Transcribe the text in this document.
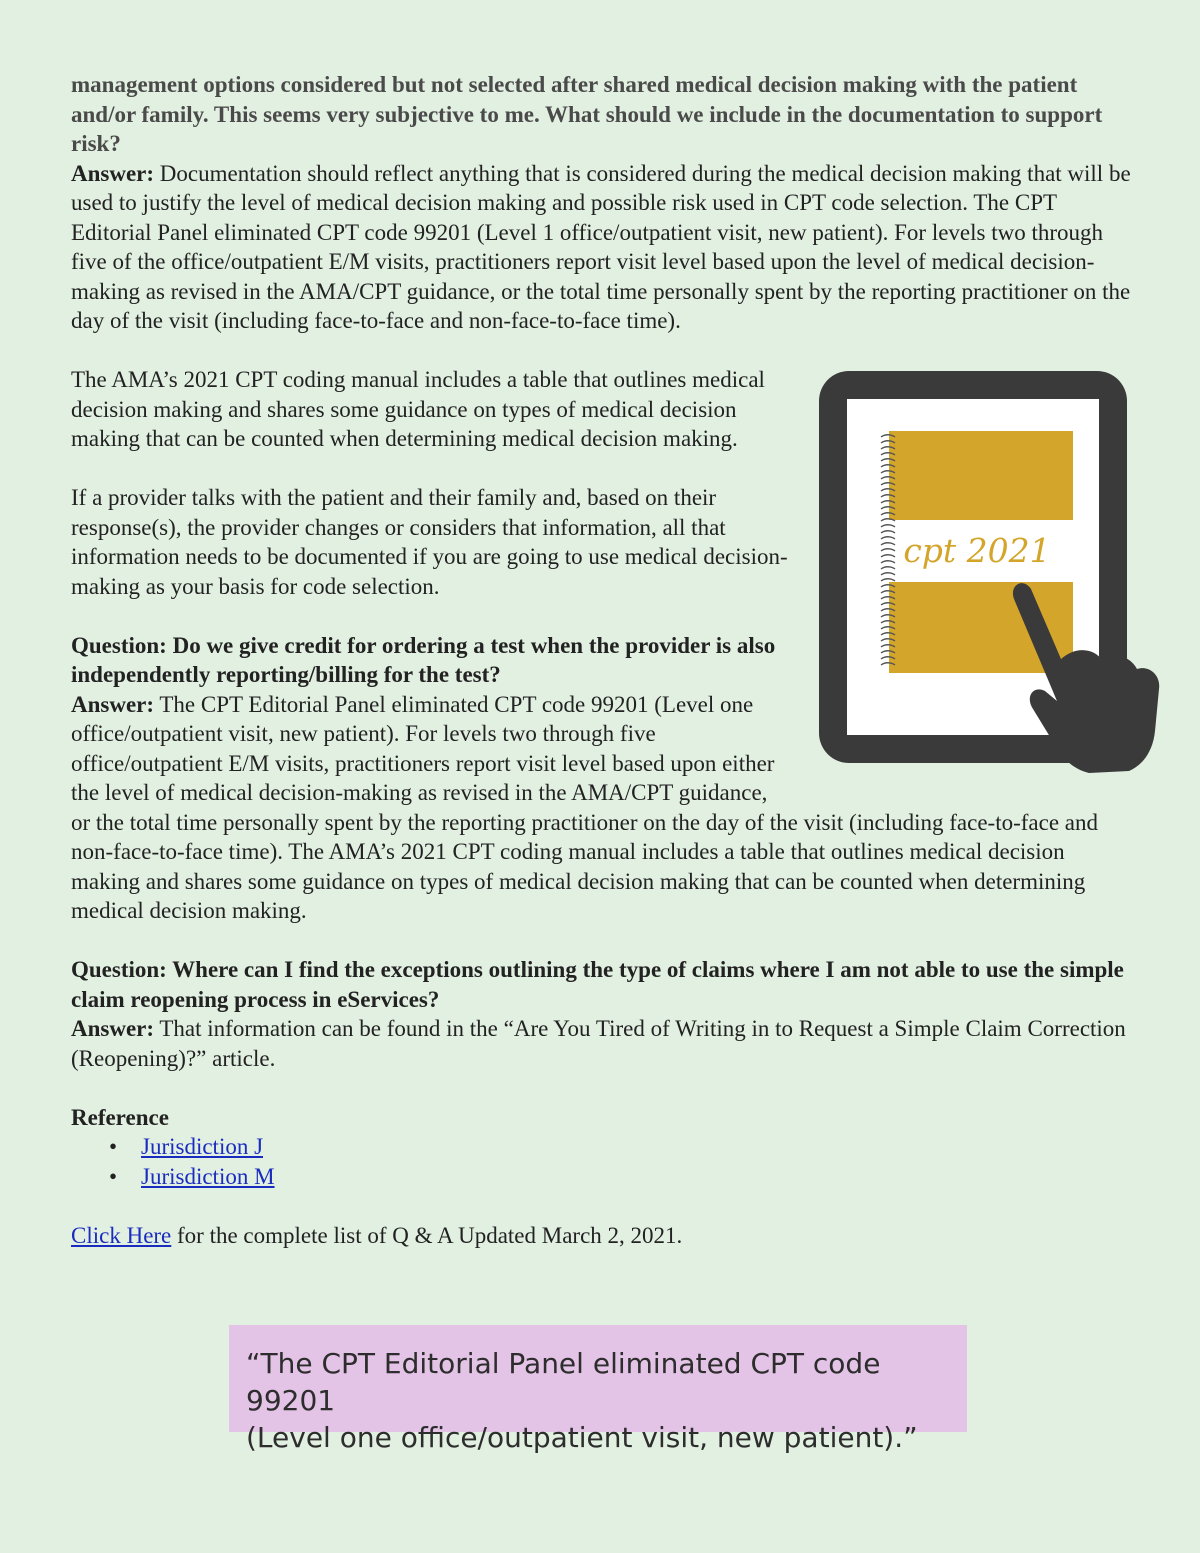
management options considered but not selected after shared medical decision making with the patient and/or family. This seems very subjective to me. What should we include in the documentation to support risk?

Answer: Documentation should reflect anything that is considered during the medical decision making that will be used to justify the level of medical decision making and possible risk used in CPT code selection. The CPT Editorial Panel eliminated CPT code 99201 (Level 1 office/outpatient visit, new patient). For levels two through five of the office/outpatient E/M visits, practitioners report visit level based upon the level of medical decision-making as revised in the AMA/CPT guidance, or the total time personally spent by the reporting practitioner on the day of the visit (including face-to-face and non-face-to-face time).

cpt 2021

The AMA’s 2021 CPT coding manual includes a table that outlines medical decision making and shares some guidance on types of medical decision making that can be counted when determining medical decision making.

If a provider talks with the patient and their family and, based on their response(s), the provider changes or considers that information, all that information needs to be documented if you are going to use medical decision-making as your basis for code selection.

Question: Do we give credit for ordering a test when the provider is also independently reporting/billing for the test?

Answer: The CPT Editorial Panel eliminated CPT code 99201 (Level one office/outpatient visit, new patient). For levels two through five office/outpatient E/M visits, practitioners report visit level based upon either the level of medical decision-making as revised in the AMA/CPT guidance, or the total time personally spent by the reporting practitioner on the day of the visit (including face-to-face and non-face-to-face time). The AMA’s 2021 CPT coding manual includes a table that outlines medical decision making and shares some guidance on types of medical decision making that can be counted when determining medical decision making.

Question: Where can I find the exceptions outlining the type of claims where I am not able to use the simple claim reopening process in eServices?

Answer: That information can be found in the “Are You Tired of Writing in to Request a Simple Claim Correction (Reopening)?” article.

Reference

• Jurisdiction J
• Jurisdiction M

Click Here for the complete list of Q & A Updated March 2, 2021.

“The CPT Editorial Panel eliminated CPT code 99201
(Level one office/outpatient visit, new patient).”
